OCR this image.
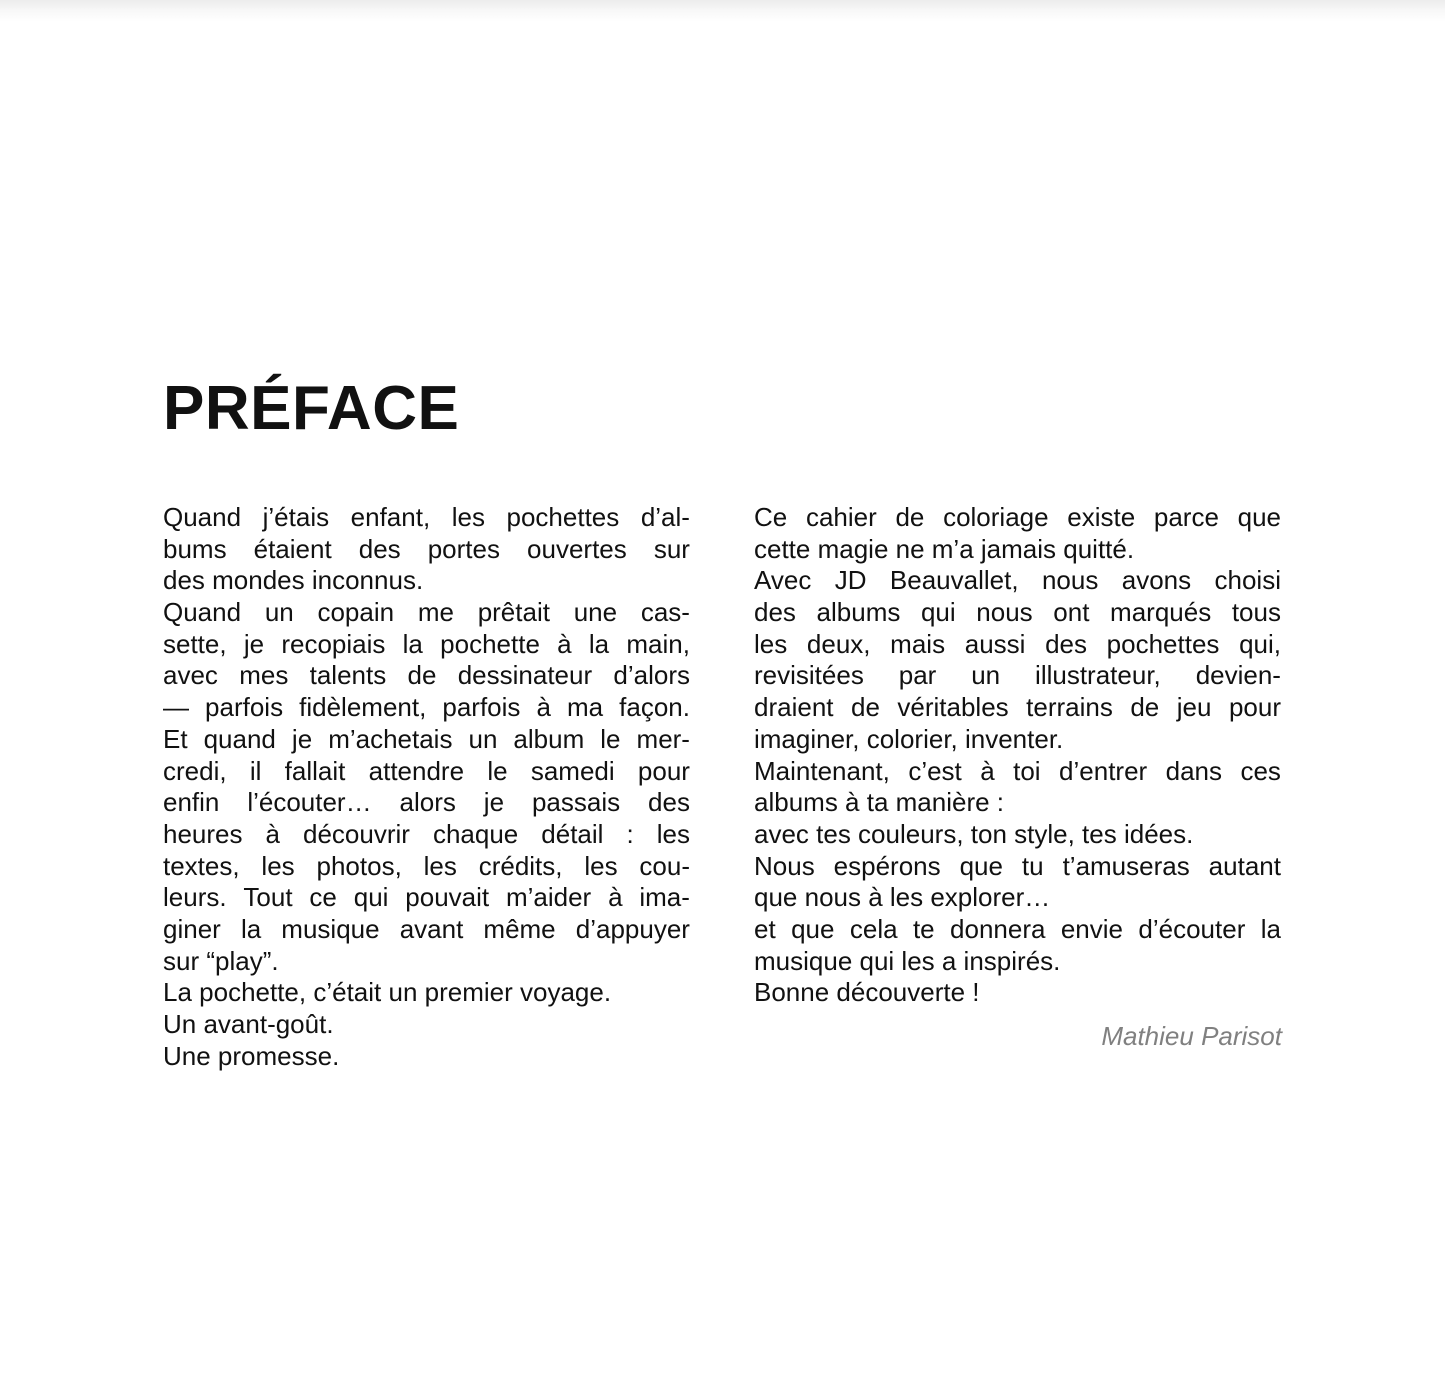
PRÉFACE
Quand j’étais enfant, les pochettes d’al-
bums étaient des portes ouvertes sur
des mondes inconnus.
Quand un copain me prêtait une cas-
sette, je recopiais la pochette à la main,
avec mes talents de dessinateur d’alors
— parfois fidèlement, parfois à ma façon.
Et quand je m’achetais un album le mer-
credi, il fallait attendre le samedi pour
enfin l’écouter… alors je passais des
heures à découvrir chaque détail : les
textes, les photos, les crédits, les cou-
leurs. Tout ce qui pouvait m’aider à ima-
giner la musique avant même d’appuyer
sur “play”.
La pochette, c’était un premier voyage.
Un avant-goût.
Une promesse.
Ce cahier de coloriage existe parce que
cette magie ne m’a jamais quitté.
Avec JD Beauvallet, nous avons choisi
des albums qui nous ont marqués tous
les deux, mais aussi des pochettes qui,
revisitées par un illustrateur, devien-
draient de véritables terrains de jeu pour
imaginer, colorier, inventer.
Maintenant, c’est à toi d’entrer dans ces
albums à ta manière :
avec tes couleurs, ton style, tes idées.
Nous espérons que tu t’amuseras autant
que nous à les explorer…
et que cela te donnera envie d’écouter la
musique qui les a inspirés.
Bonne découverte !
Mathieu Parisot
